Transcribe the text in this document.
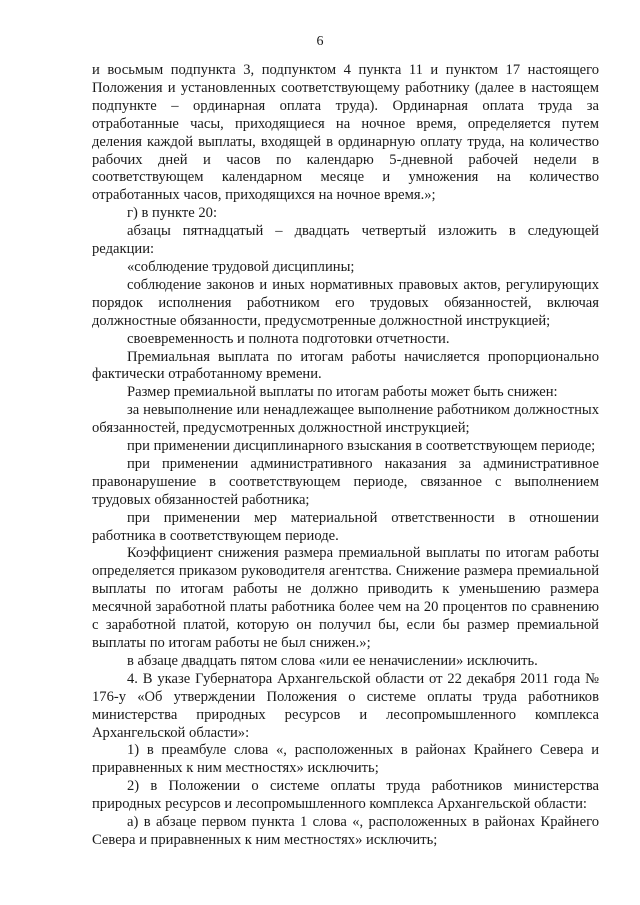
6

и восьмым подпункта 3, подпунктом 4 пункта 11 и пунктом 17 настоящего Положения и установленных соответствующему работнику (далее в настоящем подпункте – ординарная оплата труда). Ординарная оплата труда за отработанные часы, приходящиеся на ночное время, определяется путем деления каждой выплаты, входящей в ординарную оплату труда, на количество рабочих дней и часов по календарю 5-дневной рабочей недели в соответствующем календарном месяце и умножения на количество отработанных часов, приходящихся на ночное время.»;

г) в пункте 20:

абзацы пятнадцатый – двадцать четвертый изложить в следующей редакции:

«соблюдение трудовой дисциплины;

соблюдение законов и иных нормативных правовых актов, регулирующих порядок исполнения работником его трудовых обязанностей, включая должностные обязанности, предусмотренные должностной инструкцией;

своевременность и полнота подготовки отчетности.

Премиальная выплата по итогам работы начисляется пропорционально фактически отработанному времени.

Размер премиальной выплаты по итогам работы может быть снижен:

за невыполнение или ненадлежащее выполнение работником должностных обязанностей, предусмотренных должностной инструкцией;

при применении дисциплинарного взыскания в соответствующем периоде;

при применении административного наказания за административное правонарушение в соответствующем периоде, связанное с выполнением трудовых обязанностей работника;

при применении мер материальной ответственности в отношении работника в соответствующем периоде.

Коэффициент снижения размера премиальной выплаты по итогам работы определяется приказом руководителя агентства. Снижение размера премиальной выплаты по итогам работы не должно приводить к уменьшению размера месячной заработной платы работника более чем на 20 процентов по сравнению с заработной платой, которую он получил бы, если бы размер премиальной выплаты по итогам работы не был снижен.»;

в абзаце двадцать пятом слова «или ее неначислении» исключить.

4. В указе Губернатора Архангельской области от 22 декабря 2011 года № 176-у «Об утверждении Положения о системе оплаты труда работников министерства природных ресурсов и лесопромышленного комплекса Архангельской области»:

1) в преамбуле слова «, расположенных в районах Крайнего Севера и приравненных к ним местностях» исключить;

2) в Положении о системе оплаты труда работников министерства природных ресурсов и лесопромышленного комплекса Архангельской области:

а) в абзаце первом пункта 1 слова «, расположенных в районах Крайнего Севера и приравненных к ним местностях» исключить;
